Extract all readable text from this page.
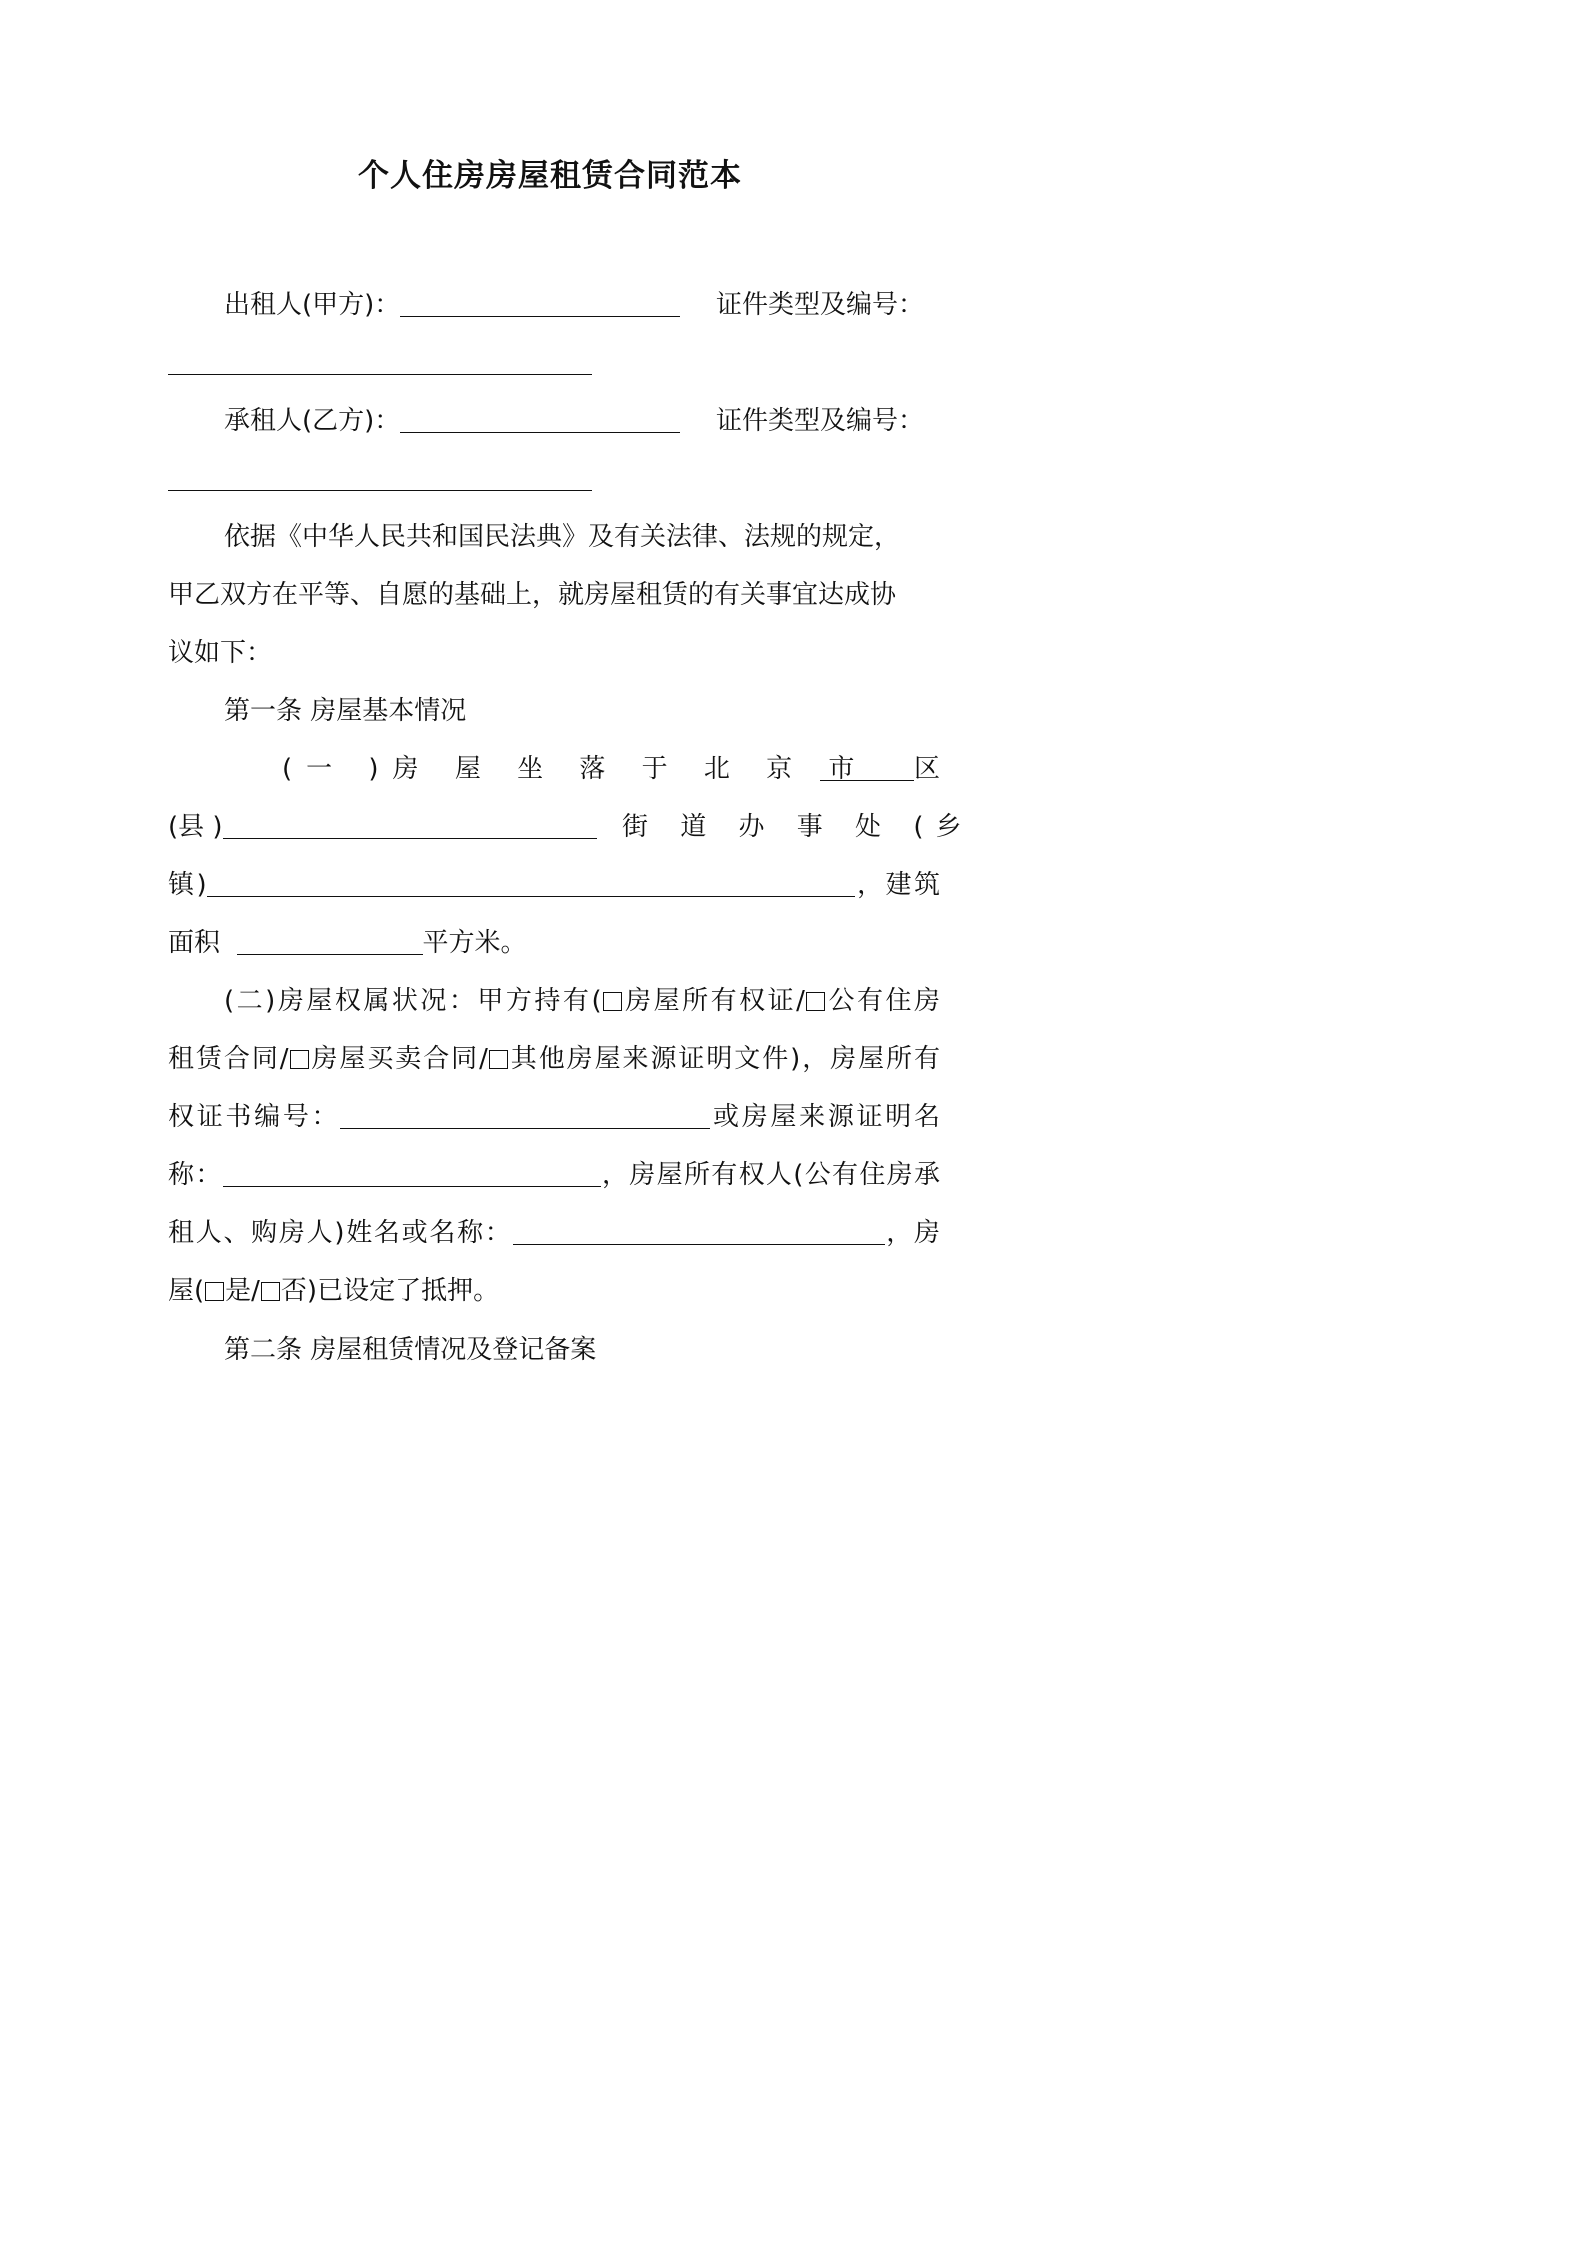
个人住房房屋租赁合同范本
出租人(甲方)：	证件类型及编号：
承租人(乙方)：	证件类型及编号：
依据《中华人民共和国民法典》及有关法律、法规的规定，
甲乙双方在平等、自愿的基础上，就房屋租赁的有关事宜达成协
议如下：
第一条 房屋基本情况
(一 )房 屋 坐 落 于 北 京 市	区
(县 )	街 道 办 事 处 (乡
镇)	，建筑
面积	平方米。
(二)房屋权属状况：甲方持有( 房屋所有权证/ 公有住房
租赁合同/ 房屋买卖合同/ 其他房屋来源证明文件)，房屋所有
权证书编号：	或房屋来源证明名
称：	，房屋所有权人(公有住房承
租人、购房人)姓名或名称：	，房
屋( 是/ 否)已设定了抵押。
第二条 房屋租赁情况及登记备案
